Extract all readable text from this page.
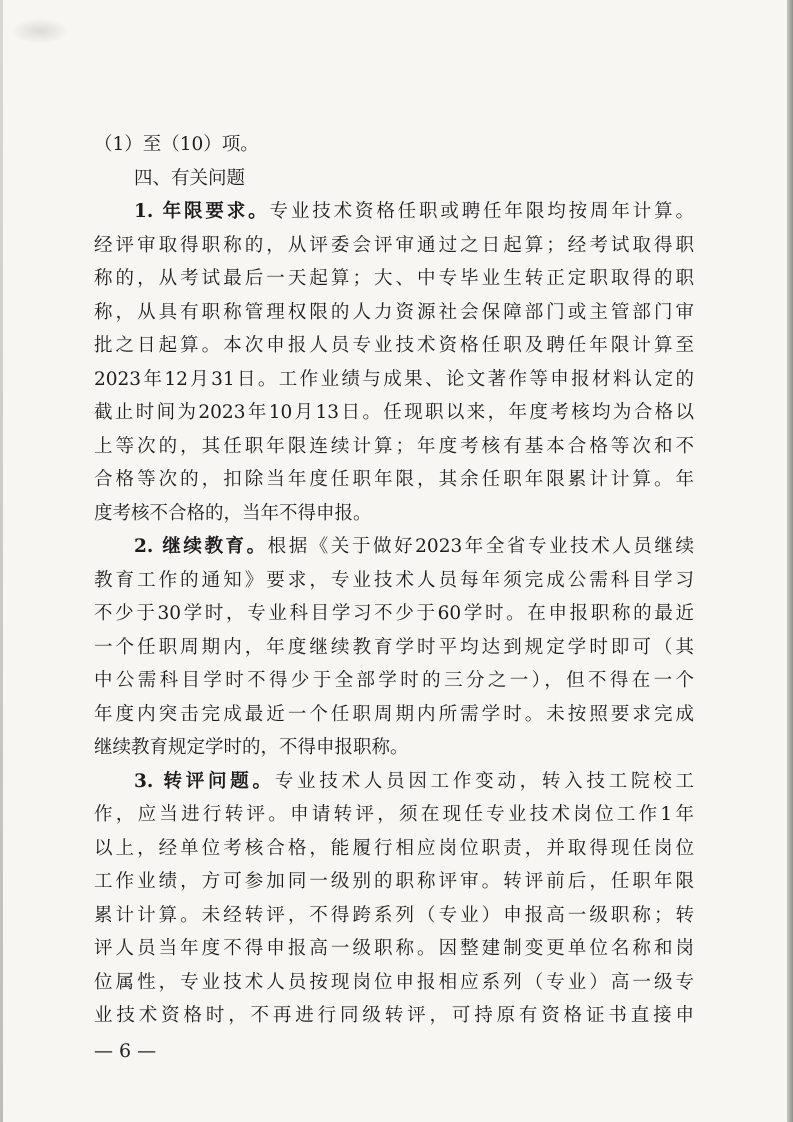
（1）至（10）项。
四、有关问题
1. 年限要求。专业技术资格任职或聘任年限均按周年计算。
经评审取得职称的，从评委会评审通过之日起算；经考试取得职
称的，从考试最后一天起算；大、中专毕业生转正定职取得的职
称，从具有职称管理权限的人力资源社会保障部门或主管部门审
批之日起算。本次申报人员专业技术资格任职及聘任年限计算至
2023年12月31日。工作业绩与成果、论文著作等申报材料认定的
截止时间为2023年10月13日。任现职以来，年度考核均为合格以
上等次的，其任职年限连续计算；年度考核有基本合格等次和不
合格等次的，扣除当年度任职年限，其余任职年限累计计算。年
度考核不合格的，当年不得申报。
2. 继续教育。根据《关于做好2023年全省专业技术人员继续
教育工作的通知》要求，专业技术人员每年须完成公需科目学习
不少于30学时，专业科目学习不少于60学时。在申报职称的最近
一个任职周期内，年度继续教育学时平均达到规定学时即可（其
中公需科目学时不得少于全部学时的三分之一），但不得在一个
年度内突击完成最近一个任职周期内所需学时。未按照要求完成
继续教育规定学时的，不得申报职称。
3. 转评问题。专业技术人员因工作变动，转入技工院校工
作，应当进行转评。申请转评，须在现任专业技术岗位工作1年
以上，经单位考核合格，能履行相应岗位职责，并取得现任岗位
工作业绩，方可参加同一级别的职称评审。转评前后，任职年限
累计计算。未经转评，不得跨系列（专业）申报高一级职称；转
评人员当年度不得申报高一级职称。因整建制变更单位名称和岗
位属性，专业技术人员按现岗位申报相应系列（专业）高一级专
业技术资格时，不再进行同级转评，可持原有资格证书直接申
— 6 —
